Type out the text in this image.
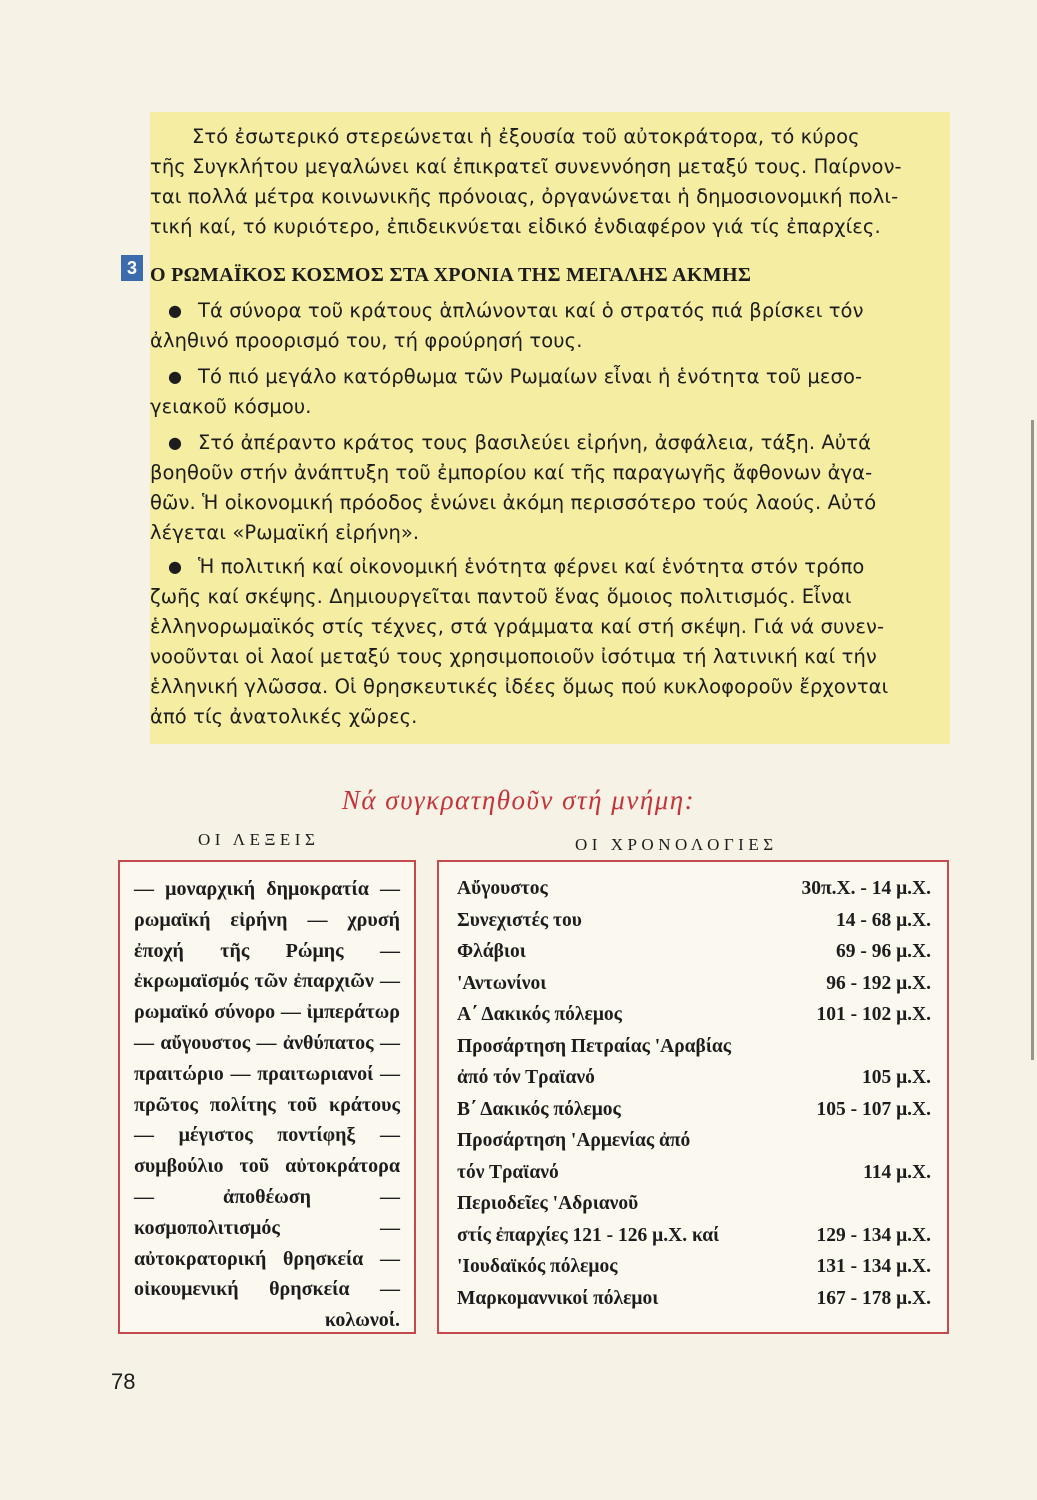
Στό ἐσωτερικό στερεώνεται ἡ ἐξουσία τοῦ αὐτοκράτορα, τό κύρος
τῆς Συγκλήτου μεγαλώνει καί ἐπικρατεῖ συνεννόηση μεταξύ τους. Παίρνον-
ται πολλά μέτρα κοινωνικῆς πρόνοιας, ὀργανώνεται ἡ δημοσιονομική πολι-
τική καί, τό κυριότερο, ἐπιδεικνύεται εἰδικό ἐνδιαφέρον γιά τίς ἐπαρχίες.

Ο ΡΩΜΑΪΚΟΣ ΚΟΣΜΟΣ ΣΤΑ ΧΡΟΝΙΑ ΤΗΣ ΜΕΓΑΛΗΣ ΑΚΜΗΣ

● Τά σύνορα τοῦ κράτους ἁπλώνονται καί ὁ στρατός πιά βρίσκει τόν
ἀληθινό προορισμό του, τή φρούρησή τους.

● Τό πιό μεγάλο κατόρθωμα τῶν Ρωμαίων εἶναι ἡ ἑνότητα τοῦ μεσο-
γειακοῦ κόσμου.

● Στό ἀπέραντο κράτος τους βασιλεύει εἰρήνη, ἀσφάλεια, τάξη. Αὐτά
βοηθοῦν στήν ἀνάπτυξη τοῦ ἐμπορίου καί τῆς παραγωγῆς ἄφθονων ἀγα-
θῶν. Ἡ οἰκονομική πρόοδος ἑνώνει ἀκόμη περισσότερο τούς λαούς. Αὐτό
λέγεται «Ρωμαϊκή εἰρήνη».

● Ἡ πολιτική καί οἰκονομική ἑνότητα φέρνει καί ἑνότητα στόν τρόπο
ζωῆς καί σκέψης. Δημιουργεῖται παντοῦ ἕνας ὅμοιος πολιτισμός. Εἶναι
ἑλληνορωμαϊκός στίς τέχνες, στά γράμματα καί στή σκέψη. Γιά νά συνεν-
νοοῦνται οἱ λαοί μεταξύ τους χρησιμοποιοῦν ἰσότιμα τή λατινική καί τήν
ἑλληνική γλῶσσα. Οἱ θρησκευτικές ἰδέες ὅμως πού κυκλοφοροῦν ἔρχονται
ἀπό τίς ἀνατολικές χῶρες.

3
Νά συγκρατηθοῦν στή μνήμη:
ΟΙ ΛΕΞΕΙΣ	ΟΙ ΧΡΟΝΟΛΟΓΙΕΣ

— μοναρχική δημοκρατία — ρωμαϊκή εἰρήνη — χρυσή ἐποχή τῆς Ρώμης — ἐκρωμαϊσμός τῶν ἐπαρχιῶν — ρωμαϊκό σύνορο — ἰμπεράτωρ — αὔγουστος — ἀνθύπατος — πραιτώριο — πραιτωριανοί — πρῶτος πολίτης τοῦ κράτους — μέγιστος ποντίφηξ — συμβούλιο τοῦ αὐτοκράτορα — ἀποθέωση — κοσμοπολιτισμός — αὐτοκρατορική θρησκεία — οἰκουμενική θρησκεία — κολωνοί.

Αὔγουστος	30π.Χ. - 14 μ.Χ.
Συνεχιστές του	14 - 68 μ.Χ.
Φλάβιοι	69 - 96 μ.Χ.
'Αντωνίνοι	96 - 192 μ.Χ.
Α΄ Δακικός πόλεμος	101 - 102 μ.Χ.
Προσάρτηση Πετραίας 'Αραβίας
ἀπό τόν Τραϊανό	105 μ.Χ.
Β΄ Δακικός πόλεμος	105 - 107 μ.Χ.
Προσάρτηση 'Αρμενίας ἀπό
τόν Τραϊανό	114 μ.Χ.
Περιοδεῖες 'Αδριανοῦ
στίς ἐπαρχίες 121 - 126 μ.Χ. καί	129 - 134 μ.Χ.
'Ιουδαϊκός πόλεμος	131 - 134 μ.Χ.
Μαρκομαννικοί πόλεμοι	167 - 178 μ.Χ.
78
